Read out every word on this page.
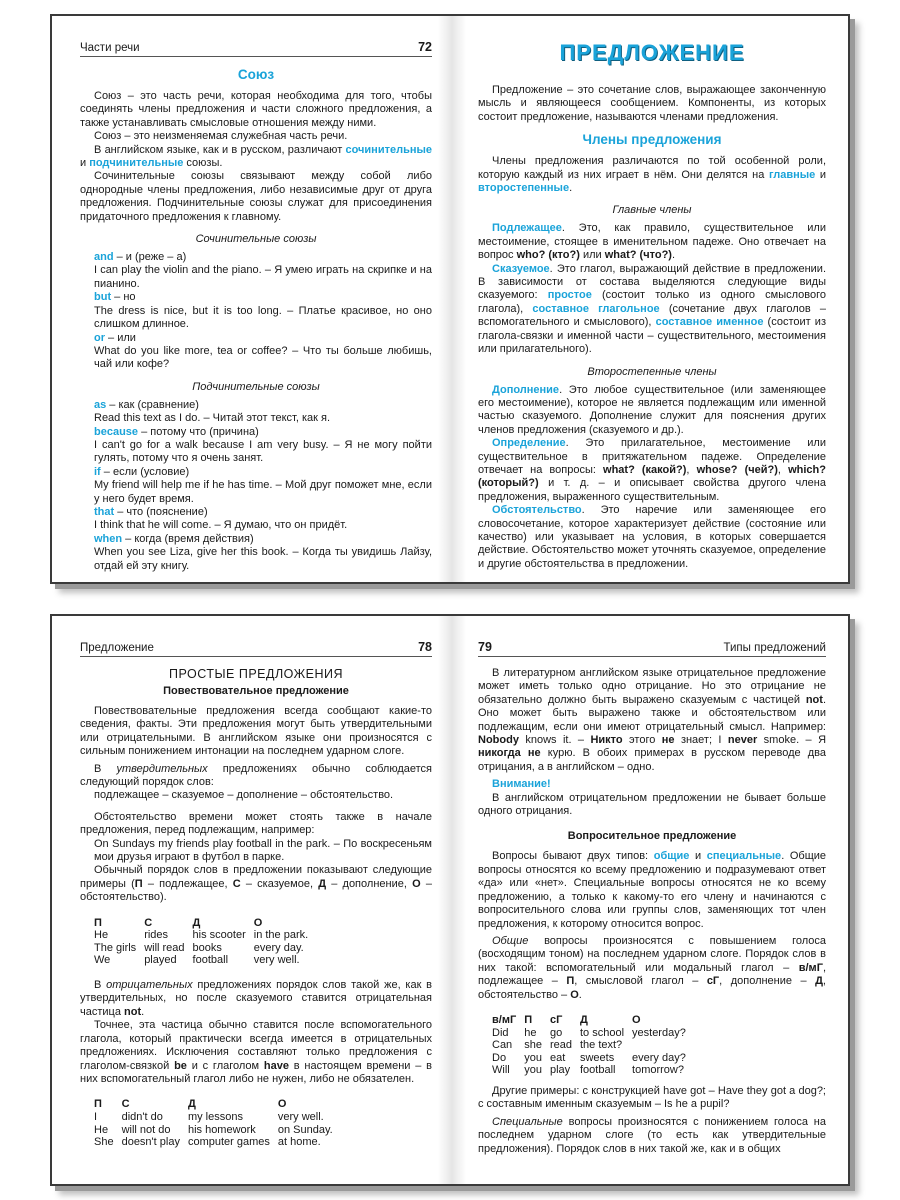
Части речи	72
Союз

Союз – это часть речи, которая необходима для того, чтобы соединять члены предложения и части сложного предложения, а также устанавливать смысловые отношения между ними.

Союз – это неизменяемая служебная часть речи.

В английском языке, как и в русском, различают сочинительные и подчинительные союзы.

Сочинительные союзы связывают между собой либо однородные члены предложения, либо независимые друг от друга предложения. Подчинительные союзы служат для присоединения придаточного предложения к главному.

Сочинительные союзы
and – и (реже – а)

I can play the violin and the piano. – Я умею играть на скрипке и на пианино.

but – но

The dress is nice, but it is too long. – Платье красивое, но оно слишком длинное.

or – или

What do you like more, tea or coffee? – Что ты больше любишь, чай или кофе?

Подчинительные союзы
as – как (сравнение)

Read this text as I do. – Читай этот текст, как я.

because – потому что (причина)

I can't go for a walk because I am very busy. – Я не могу пойти гулять, потому что я очень занят.

if – если (условие)

My friend will help me if he has time. – Мой друг поможет мне, если у него будет время.

that – что (пояснение)

I think that he will come. – Я думаю, что он придёт.

when – когда (время действия)

When you see Liza, give her this book. – Когда ты увидишь Лайзу, отдай ей эту книгу.

ПРЕДЛОЖЕНИЕ

Предложение – это сочетание слов, выражающее законченную мысль и являющееся сообщением. Компоненты, из которых состоит предложение, называются членами предложения.

Члены предложения

Члены предложения различаются по той особенной роли, которую каждый из них играет в нём. Они делятся на главные и второстепенные.

Главные члены

Подлежащее. Это, как правило, существительное или местоимение, стоящее в именительном падеже. Оно отвечает на вопрос who? (кто?) или what? (что?).

Сказуемое. Это глагол, выражающий действие в предложении. В зависимости от состава выделяются следующие виды сказуемого: простое (состоит только из одного смыслового глагола), составное глагольное (сочетание двух глаголов – вспомогательного и смыслового), составное именное (состоит из глагола-связки и именной части – существительного, местоимения или прилагательного).

Второстепенные члены

Дополнение. Это любое существительное (или заменяющее его местоимение), которое не является подлежащим или именной частью сказуемого. Дополнение служит для пояснения других членов предложения (сказуемого и др.).

Определение. Это прилагательное, местоимение или существительное в притяжательном падеже. Определение отвечает на вопросы: what? (какой?), whose? (чей?), which? (который?) и т. д. – и описывает свойства другого члена предложения, выраженного существительным.

Обстоятельство. Это наречие или заменяющее его словосочетание, которое характеризует действие (состояние или качество) или указывает на условия, в которых совершается действие. Обстоятельство может уточнять сказуемое, определение и другие обстоятельства в предложении.

Предложение	78
ПРОСТЫЕ ПРЕДЛОЖЕНИЯ
Повествовательное предложение

Повествовательные предложения всегда сообщают какие-то сведения, факты. Эти предложения могут быть утвердительными или отрицательными. В английском языке они произносятся с сильным понижением интонации на последнем ударном слоге.

В утвердительных предложениях обычно соблюдается следующий порядок слов:

подлежащее – сказуемое – дополнение – обстоятельство.

Обстоятельство времени может стоять также в начале предложения, перед подлежащим, например:

On Sundays my friends play football in the park. – По воскресеньям мои друзья играют в футбол в парке.

Обычный порядок слов в предложении показывают следующие примеры (П – подлежащее, С – сказуемое, Д – дополнение, О – обстоятельство).

П	С	Д	О
He	rides	his scooter	in the park.
The girls	will read	books	every day.
We	played	football	very well.

В отрицательных предложениях порядок слов такой же, как в утвердительных, но после сказуемого ставится отрицательная частица not.

Точнее, эта частица обычно ставится после вспомогательного глагола, который практически всегда имеется в отрицательных предложениях. Исключения составляют только предложения с глаголом-связкой be и с глаголом have в настоящем времени – в них вспомогательный глагол либо не нужен, либо не обязателен.

П	С	Д	О
I	didn't do	my lessons	very well.
He	will not do	his homework	on Sunday.
She	doesn't play	computer games	at home.
79	Типы предложений

В литературном английском языке отрицательное предложение может иметь только одно отрицание. Но это отрицание не обязательно должно быть выражено сказуемым с частицей not. Оно может быть выражено также и обстоятельством или подлежащим, если они имеют отрицательный смысл. Например: Nobody knows it. – Никто этого не знает; I never smoke. – Я никогда не курю. В обоих примерах в русском переводе два отрицания, а в английском – одно.

Внимание!

В английском отрицательном предложении не бывает больше одного отрицания.

Вопросительное предложение

Вопросы бывают двух типов: общие и специальные. Общие вопросы относятся ко всему предложению и подразумевают ответ «да» или «нет». Специальные вопросы относятся не ко всему предложению, а только к какому-то его члену и начинаются с вопросительного слова или группы слов, заменяющих тот член предложения, к которому относится вопрос.

Общие вопросы произносятся с повышением голоса (восходящим тоном) на последнем ударном слоге. Порядок слов в них такой: вспомогательный или модальный глагол – в/мГ, подлежащее – П, смысловой глагол – сГ, дополнение – Д, обстоятельство – О.

в/мГ	П	сГ	Д	О
Did	he	go	to school	yesterday?
Can	she	read	the text?	
Do	you	eat	sweets	every day?
Will	you	play	football	tomorrow?

Другие примеры: с конструкцией have got – Have they got a dog?; с составным именным сказуемым – Is he a pupil?

Специальные вопросы произносятся с понижением голоса на последнем ударном слоге (то есть как утвердительные предложения). Порядок слов в них такой же, как и в общих
